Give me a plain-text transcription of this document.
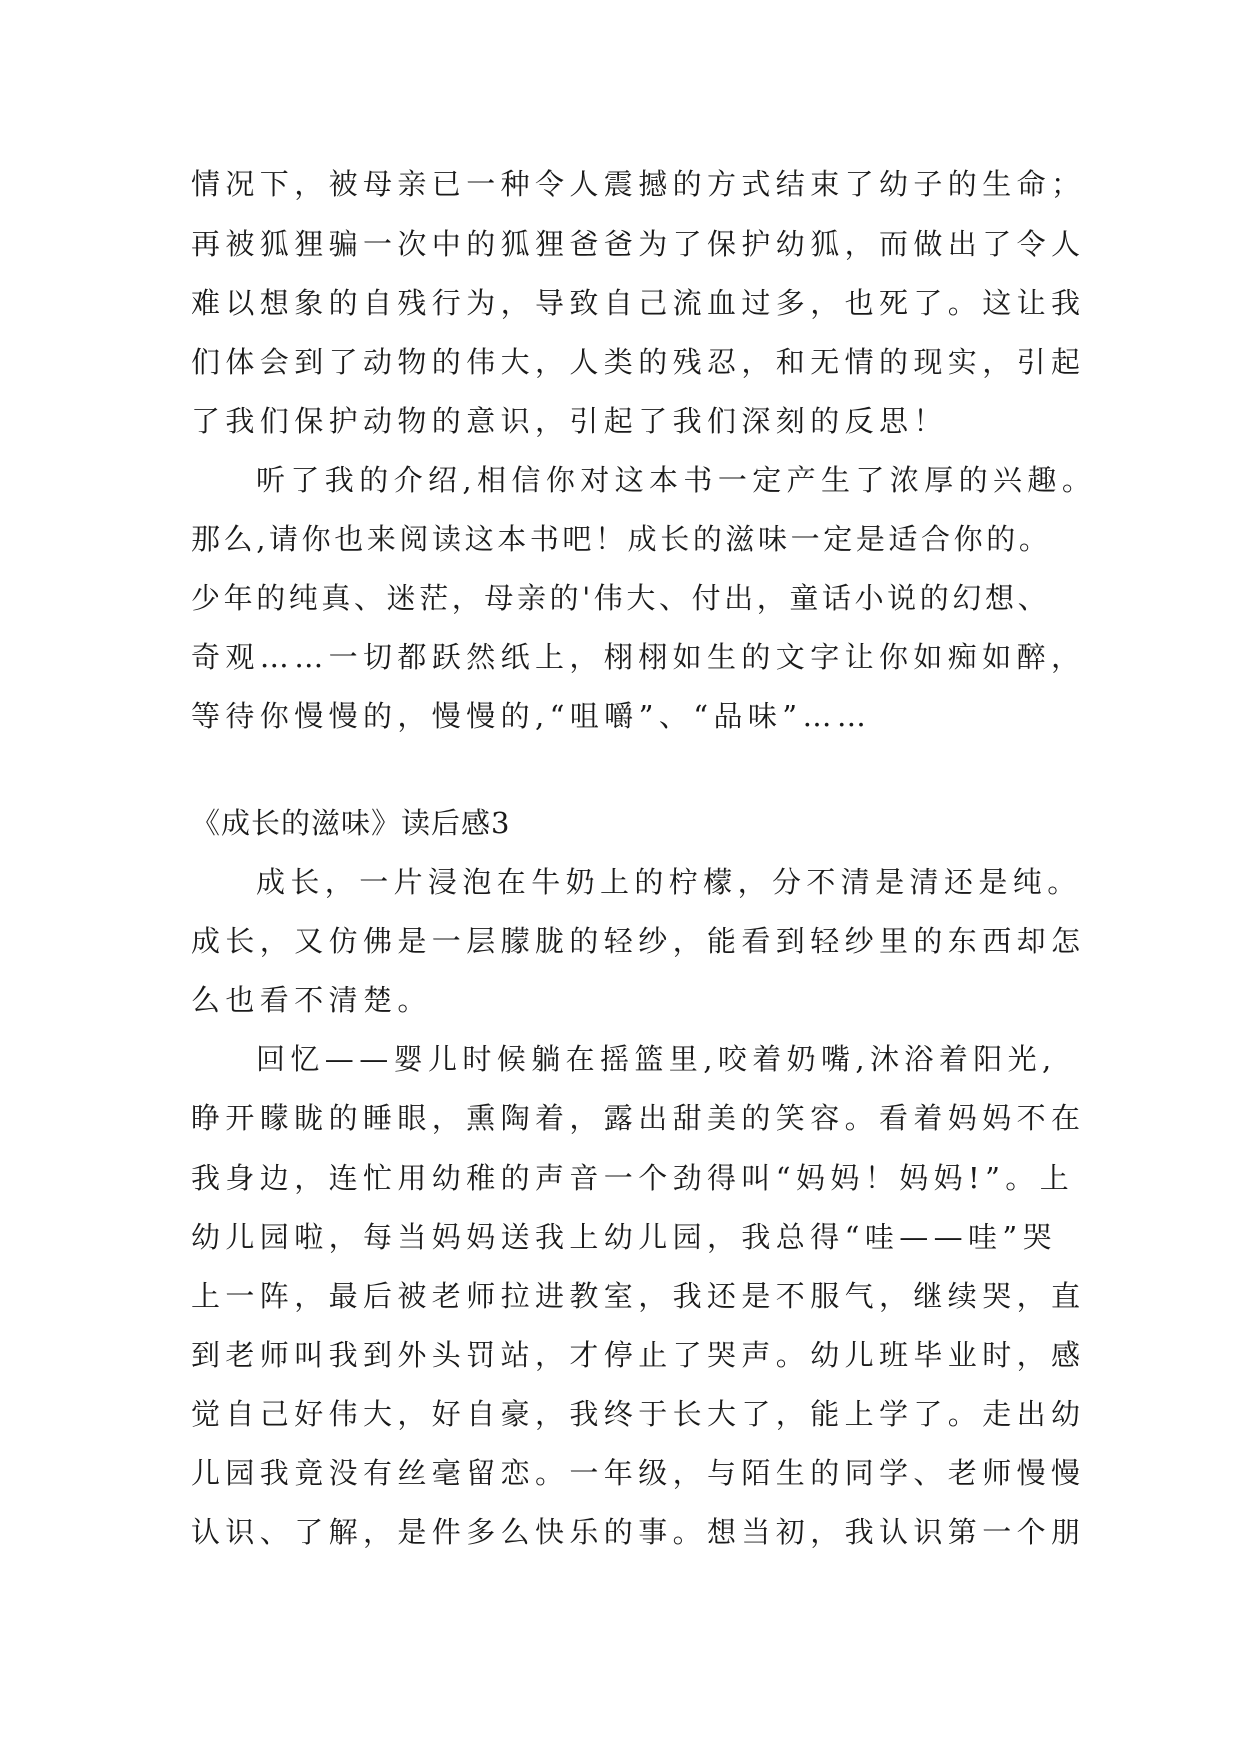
情况下，被母亲已一种令人震撼的方式结束了幼子的生命；
再被狐狸骗一次中的狐狸爸爸为了保护幼狐，而做出了令人
难以想象的自残行为，导致自己流血过多，也死了。这让我
们体会到了动物的伟大，人类的残忍，和无情的现实，引起
了我们保护动物的意识，引起了我们深刻的反思！
听了我的介绍,相信你对这本书一定产生了浓厚的兴趣。
那么,请你也来阅读这本书吧！成长的滋味一定是适合你的。
少年的纯真、迷茫，母亲的'伟大、付出，童话小说的幻想、
奇观……一切都跃然纸上，栩栩如生的文字让你如痴如醉，
等待你慢慢的，慢慢的,“咀嚼”、“品味”……
《成长的滋味》读后感3
成长，一片浸泡在牛奶上的柠檬，分不清是清还是纯。
成长，又仿佛是一层朦胧的轻纱，能看到轻纱里的东西却怎
么也看不清楚。
回忆——婴儿时候躺在摇篮里,咬着奶嘴,沐浴着阳光,
睁开矇眬的睡眼，熏陶着，露出甜美的笑容。看着妈妈不在
我身边，连忙用幼稚的声音一个劲得叫“妈妈！妈妈!”。上
幼儿园啦，每当妈妈送我上幼儿园，我总得“哇——哇”哭
上一阵，最后被老师拉进教室，我还是不服气，继续哭，直
到老师叫我到外头罚站，才停止了哭声。幼儿班毕业时，感
觉自己好伟大，好自豪，我终于长大了，能上学了。走出幼
儿园我竟没有丝毫留恋。一年级，与陌生的同学、老师慢慢
认识、了解，是件多么快乐的事。想当初，我认识第一个朋
